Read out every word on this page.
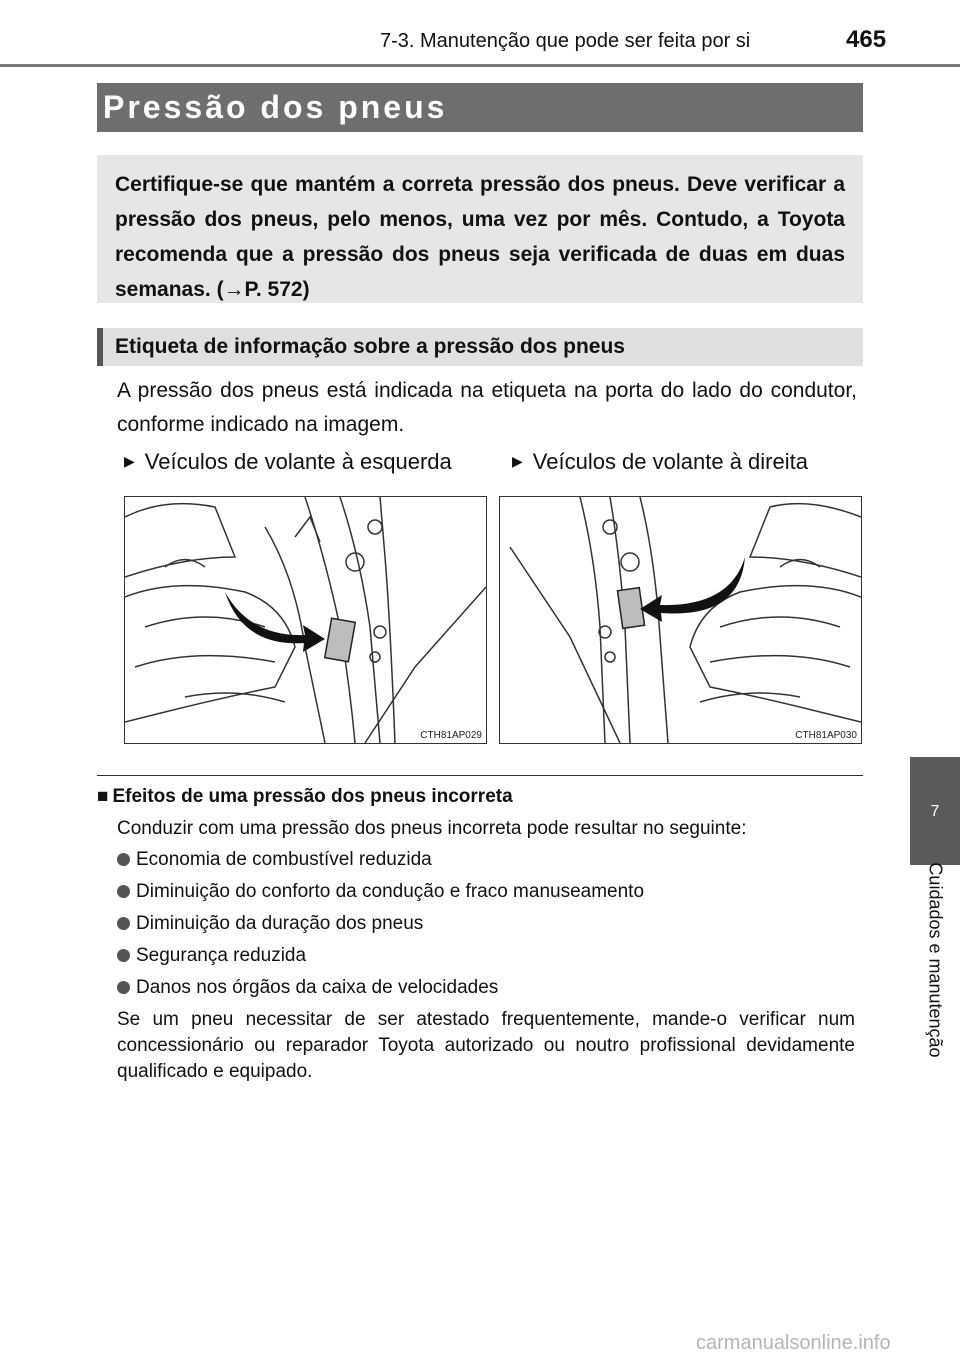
7-3. Manutenção que pode ser feita por si	465
Pressão dos pneus

Certifique-se que mantém a correta pressão dos pneus. Deve verificar a pressão dos pneus, pelo menos, uma vez por mês. Contudo, a Toyota recomenda que a pressão dos pneus seja verificada de duas em duas semanas. (→P. 572)

Etiqueta de informação sobre a pressão dos pneus

A pressão dos pneus está indicada na etiqueta na porta do lado do condutor, conforme indicado na imagem.

▶ Veículos de volante à esquerda	▶ Veículos de volante à direita
CTH81AP029	CTH81AP030
■ Efeitos de uma pressão dos pneus incorreta

Conduzir com uma pressão dos pneus incorreta pode resultar no seguinte:

Economia de combustível reduzida
Diminuição do conforto da condução e fraco manuseamento
Diminuição da duração dos pneus
Segurança reduzida
Danos nos órgãos da caixa de velocidades

Se um pneu necessitar de ser atestado frequentemente, mande-o verificar num concessionário ou reparador Toyota autorizado ou noutro profissional devidamente qualificado e equipado.

7
Cuidados e manutenção
carmanualsonline.info
